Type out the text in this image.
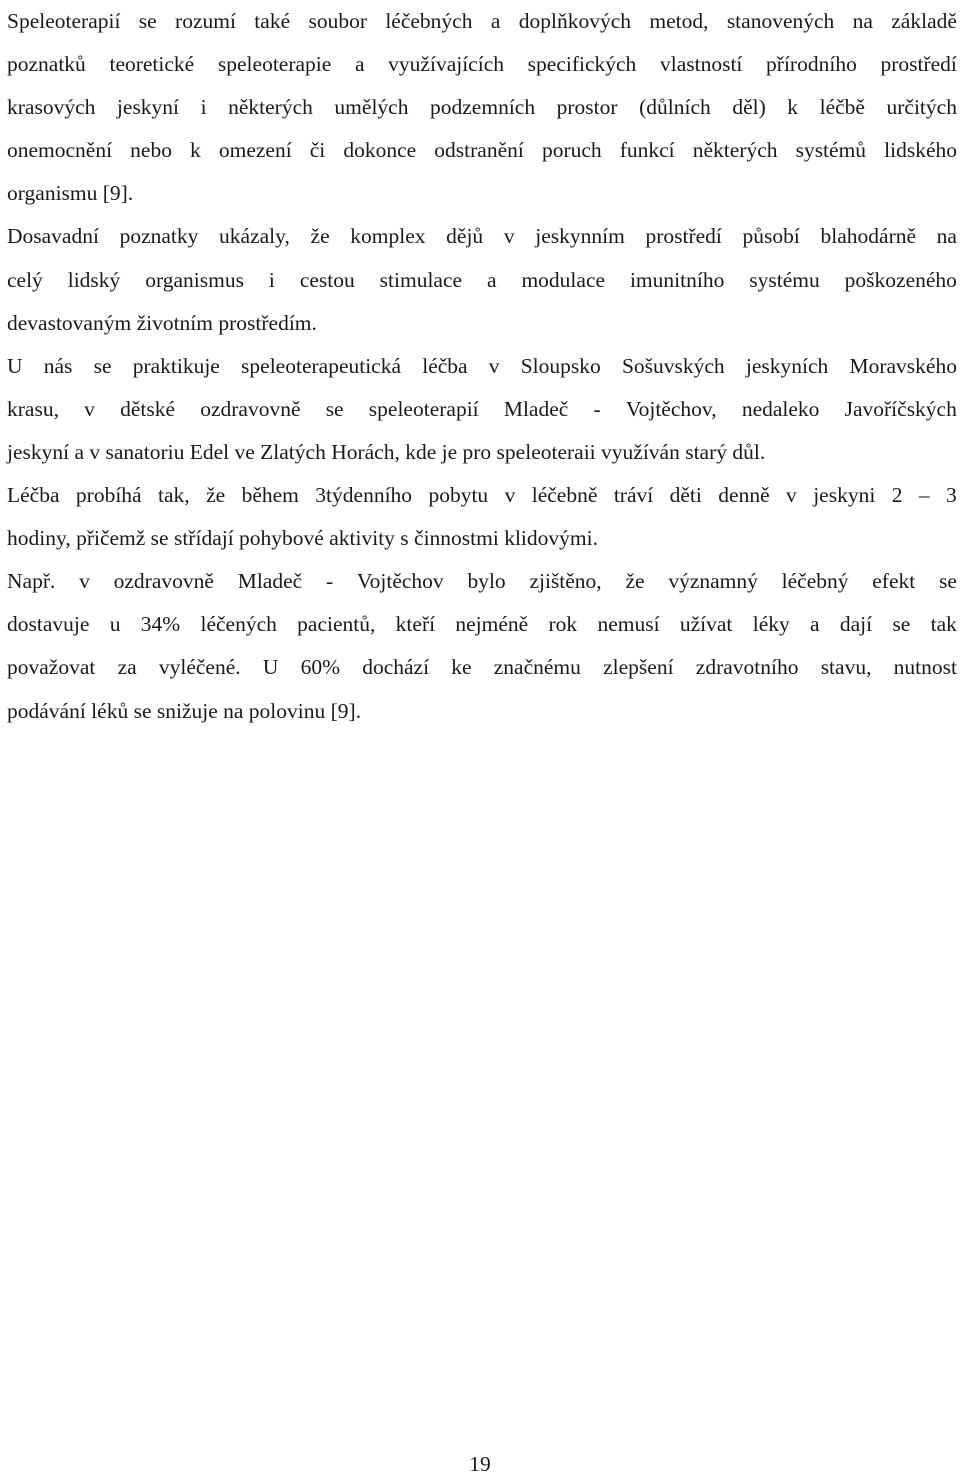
Speleoterapií se rozumí také soubor léčebných a doplňkových metod, stanovených na základě
poznatků teoretické speleoterapie a využívajících specifických vlastností přírodního prostředí
krasových jeskyní i některých umělých podzemních prostor (důlních děl) k léčbě určitých
onemocnění nebo k omezení či dokonce odstranění poruch funkcí některých systémů lidského
organismu [9].
Dosavadní poznatky ukázaly, že komplex dějů v jeskynním prostředí působí blahodárně na
celý lidský organismus i cestou stimulace a modulace imunitního systému poškozeného
devastovaným životním prostředím.
U nás se praktikuje speleoterapeutická léčba v Sloupsko Sošuvských jeskyních Moravského
krasu, v dětské ozdravovně se speleoterapií Mladeč - Vojtěchov, nedaleko Javoříčských
jeskyní a v sanatoriu Edel ve Zlatých Horách, kde je pro speleoteraii využíván starý důl.
Léčba probíhá tak, že během 3týdenního pobytu v léčebně tráví děti denně v jeskyni 2 – 3
hodiny, přičemž se střídají pohybové aktivity s činnostmi klidovými.
Např. v ozdravovně Mladeč - Vojtěchov bylo zjištěno, že významný léčebný efekt se
dostavuje u 34% léčených pacientů, kteří nejméně rok nemusí užívat léky a dají se tak
považovat za vyléčené. U 60% dochází ke značnému zlepšení zdravotního stavu, nutnost
podávání léků se snižuje na polovinu [9].
19
